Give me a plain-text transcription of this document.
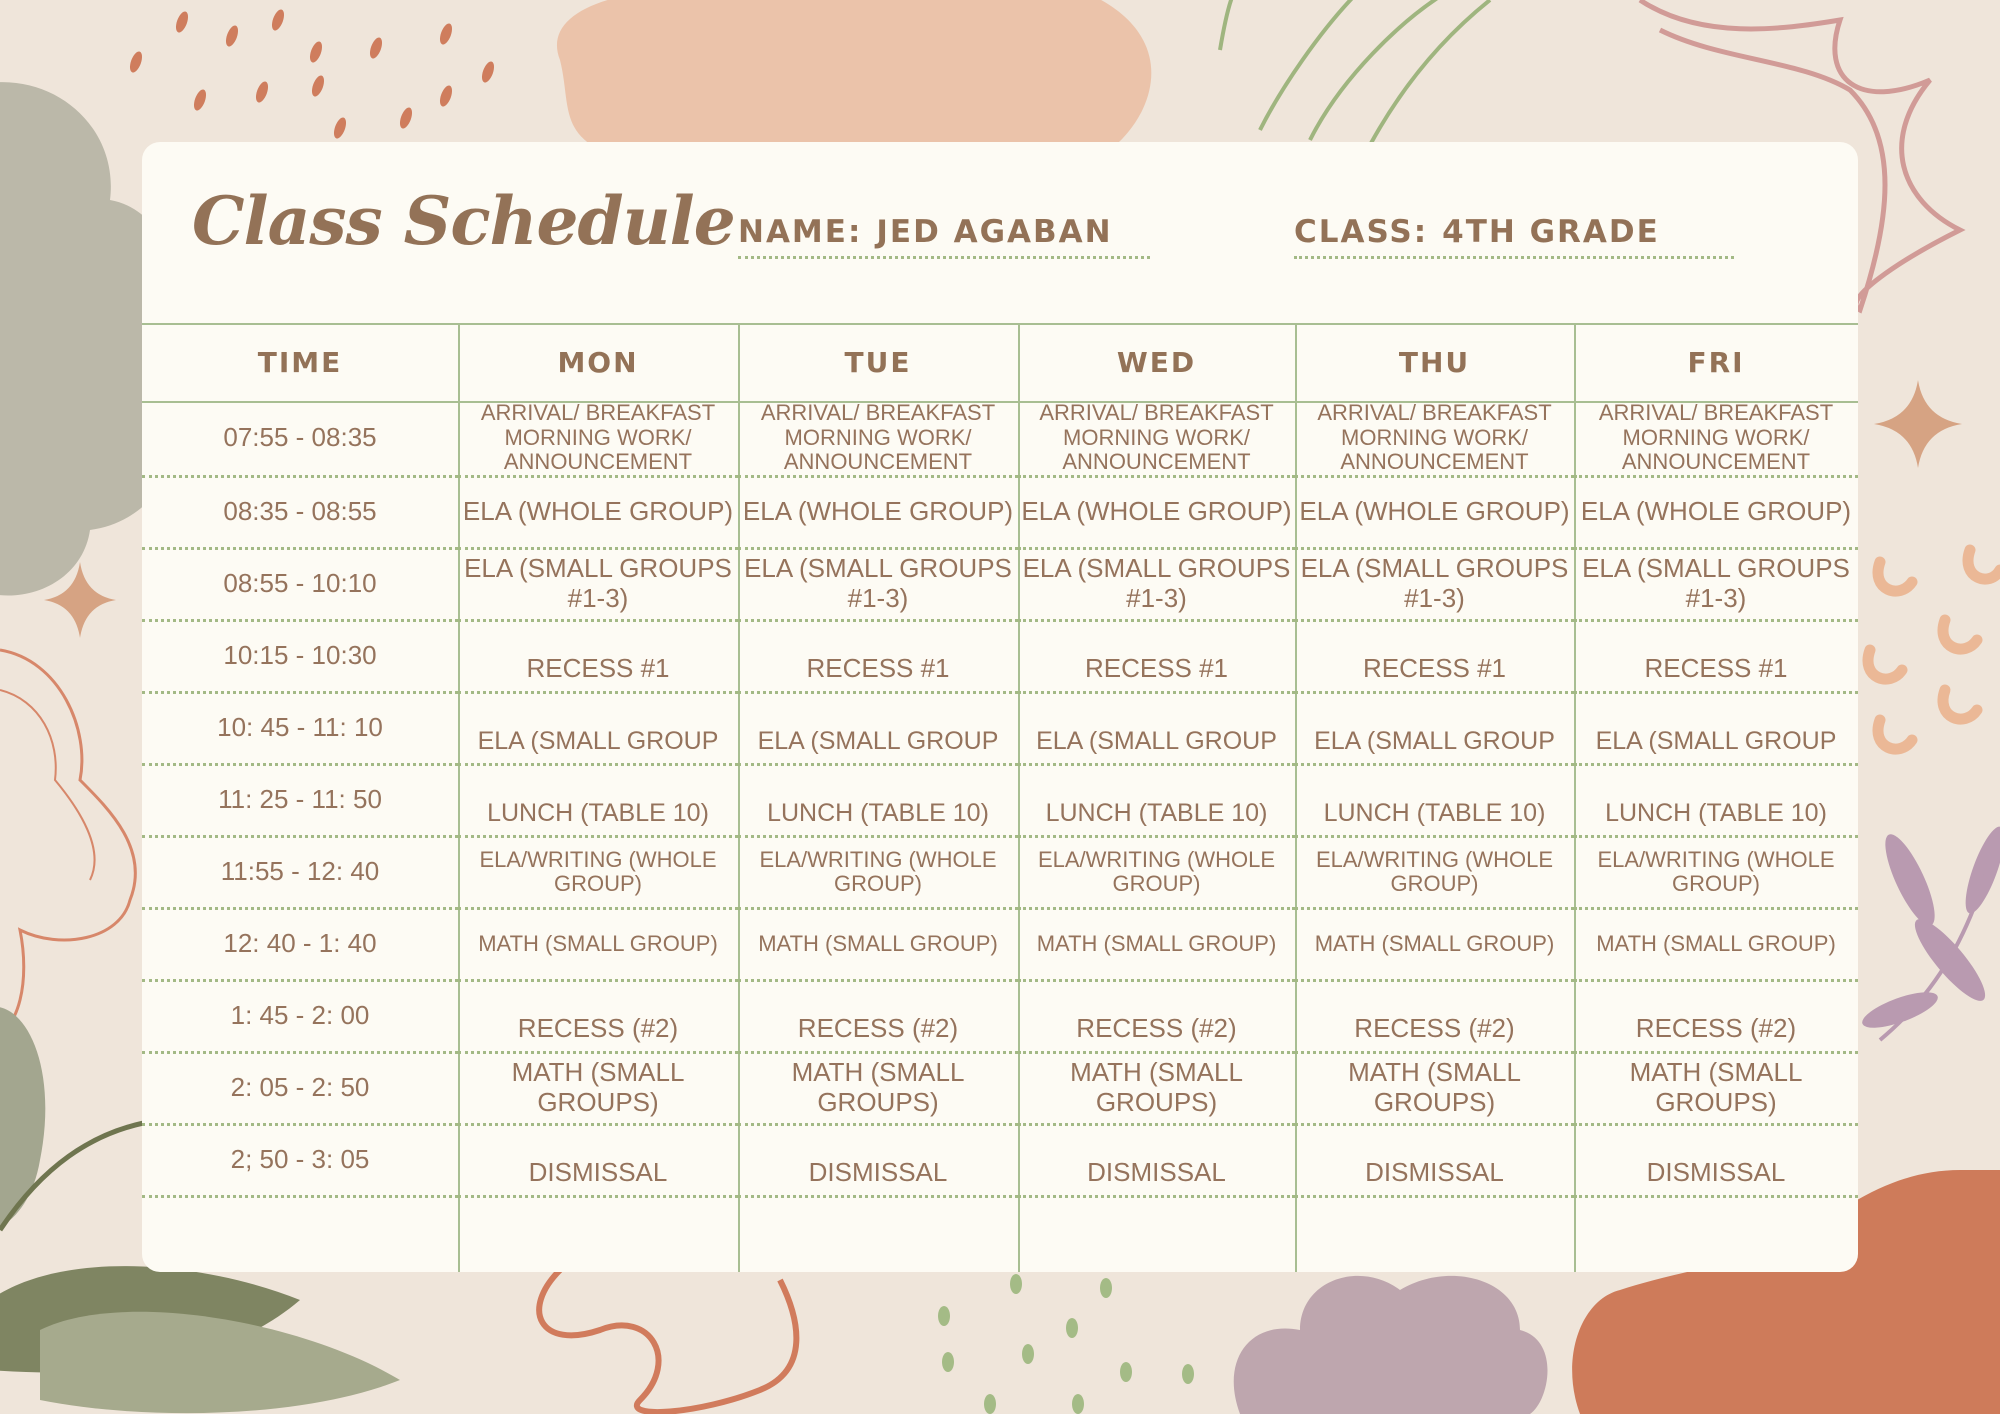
Class Schedule NAME: JED AGABAN	CLASS: 4TH GRADE
TIME	MON	TUE	WED	THU	FRI
07:55 - 08:35	ARRIVAL/ BREAKFAST MORNING WORK/ ANNOUNCEMENT	ARRIVAL/ BREAKFAST MORNING WORK/ ANNOUNCEMENT	ARRIVAL/ BREAKFAST MORNING WORK/ ANNOUNCEMENT	ARRIVAL/ BREAKFAST MORNING WORK/ ANNOUNCEMENT	ARRIVAL/ BREAKFAST MORNING WORK/ ANNOUNCEMENT
08:35 - 08:55	ELA (WHOLE GROUP)	ELA (WHOLE GROUP)	ELA (WHOLE GROUP)	ELA (WHOLE GROUP)	ELA (WHOLE GROUP)
08:55 - 10:10	ELA (SMALL GROUPS #1-3)	ELA (SMALL GROUPS #1-3)	ELA (SMALL GROUPS #1-3)	ELA (SMALL GROUPS #1-3)	ELA (SMALL GROUPS #1-3)
10:15 - 10:30	RECESS #1	RECESS #1	RECESS #1	RECESS #1	RECESS #1
10: 45 - 11: 10	ELA (SMALL GROUP	ELA (SMALL GROUP	ELA (SMALL GROUP	ELA (SMALL GROUP	ELA (SMALL GROUP
11: 25 - 11: 50	LUNCH (TABLE 10)	LUNCH (TABLE 10)	LUNCH (TABLE 10)	LUNCH (TABLE 10)	LUNCH (TABLE 10)
11:55 - 12: 40	ELA/WRITING (WHOLE GROUP)	ELA/WRITING (WHOLE GROUP)	ELA/WRITING (WHOLE GROUP)	ELA/WRITING (WHOLE GROUP)	ELA/WRITING (WHOLE GROUP)
12: 40 - 1: 40	MATH (SMALL GROUP)	MATH (SMALL GROUP)	MATH (SMALL GROUP)	MATH (SMALL GROUP)	MATH (SMALL GROUP)
1: 45 - 2: 00	RECESS (#2)	RECESS (#2)	RECESS (#2)	RECESS (#2)	RECESS (#2)
2: 05 - 2: 50	MATH (SMALL GROUPS)	MATH (SMALL GROUPS)	MATH (SMALL GROUPS)	MATH (SMALL GROUPS)	MATH (SMALL GROUPS)
2; 50 - 3: 05	DISMISSAL	DISMISSAL	DISMISSAL	DISMISSAL	DISMISSAL
